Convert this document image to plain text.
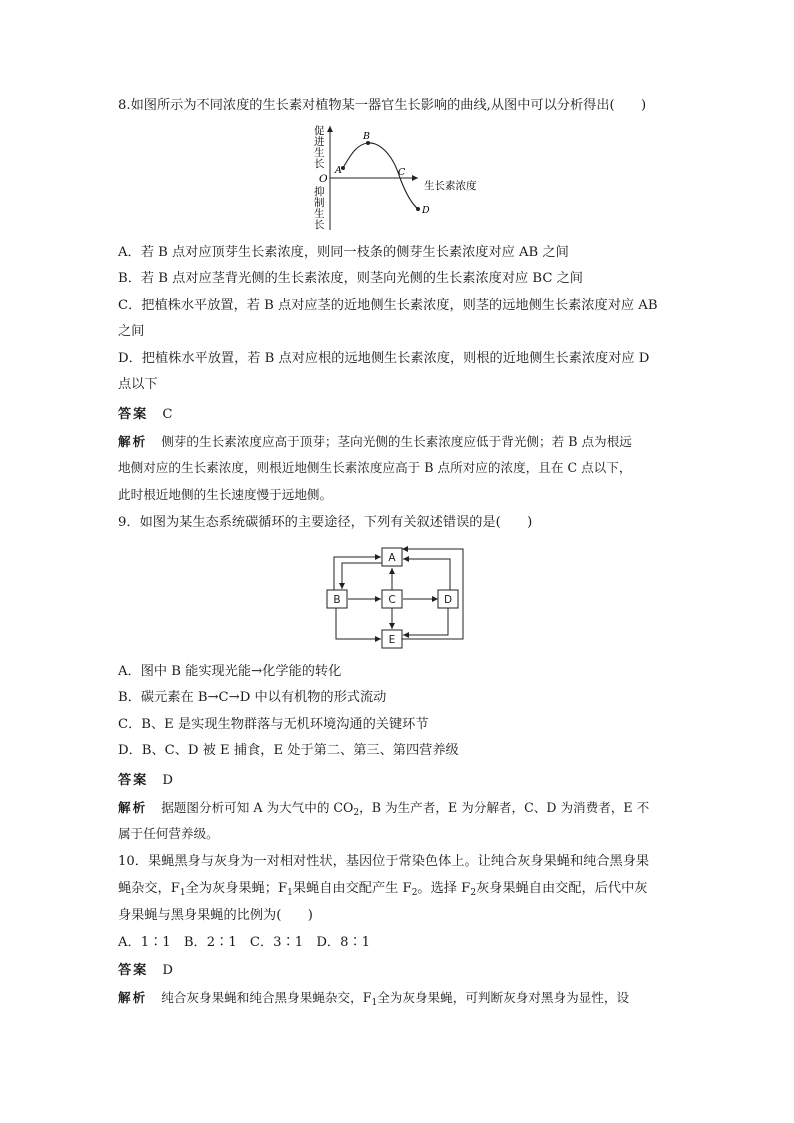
8.如图所示为不同浓度的生长素对植物某一器官生长影响的曲线,从图中可以分析得出(　　)
促
进
生
长
O
抑
制
生
长
生长素浓度
A
B
C
D
A．若 B 点对应顶芽生长素浓度，则同一枝条的侧芽生长素浓度对应 AB 之间
B．若 B 点对应茎背光侧的生长素浓度，则茎向光侧的生长素浓度对应 BC 之间
C．把植株水平放置，若 B 点对应茎的近地侧生长素浓度，则茎的远地侧生长素浓度对应 AB
之间
D．把植株水平放置，若 B 点对应根的远地侧生长素浓度，则根的近地侧生长素浓度对应 D
点以下
答案 C
解析 侧芽的生长素浓度应高于顶芽；茎向光侧的生长素浓度应低于背光侧；若 B 点为根远
地侧对应的生长素浓度，则根近地侧生长素浓度应高于 B 点所对应的浓度，且在 C 点以下，
此时根近地侧的生长速度慢于远地侧。
9．如图为某生态系统碳循环的主要途径，下列有关叙述错误的是(　　)
A
B	C	D
E
A．图中 B 能实现光能→化学能的转化
B．碳元素在 B→C→D 中以有机物的形式流动
C．B、E 是实现生物群落与无机环境沟通的关键环节
D．B、C、D 被 E 捕食，E 处于第二、第三、第四营养级
答案 D
解析 据题图分析可知 A 为大气中的 $CO_2$，B 为生产者，E 为分解者，C、D 为消费者，E 不
属于任何营养级。
10．果蝇黑身与灰身为一对相对性状，基因位于常染色体上。让纯合灰身果蝇和纯合黑身果
蝇杂交，$F_1$全为灰身果蝇；$F_1$果蝇自由交配产生 $F_2$。选择 $F_2$灰身果蝇自由交配，后代中灰
身果蝇与黑身果蝇的比例为(　　)
A．1∶1　B．2∶1　C．3∶1　D．8∶1
答案 D
解析 纯合灰身果蝇和纯合黑身果蝇杂交，$F_1$全为灰身果蝇，可判断灰身对黑身为显性，设
